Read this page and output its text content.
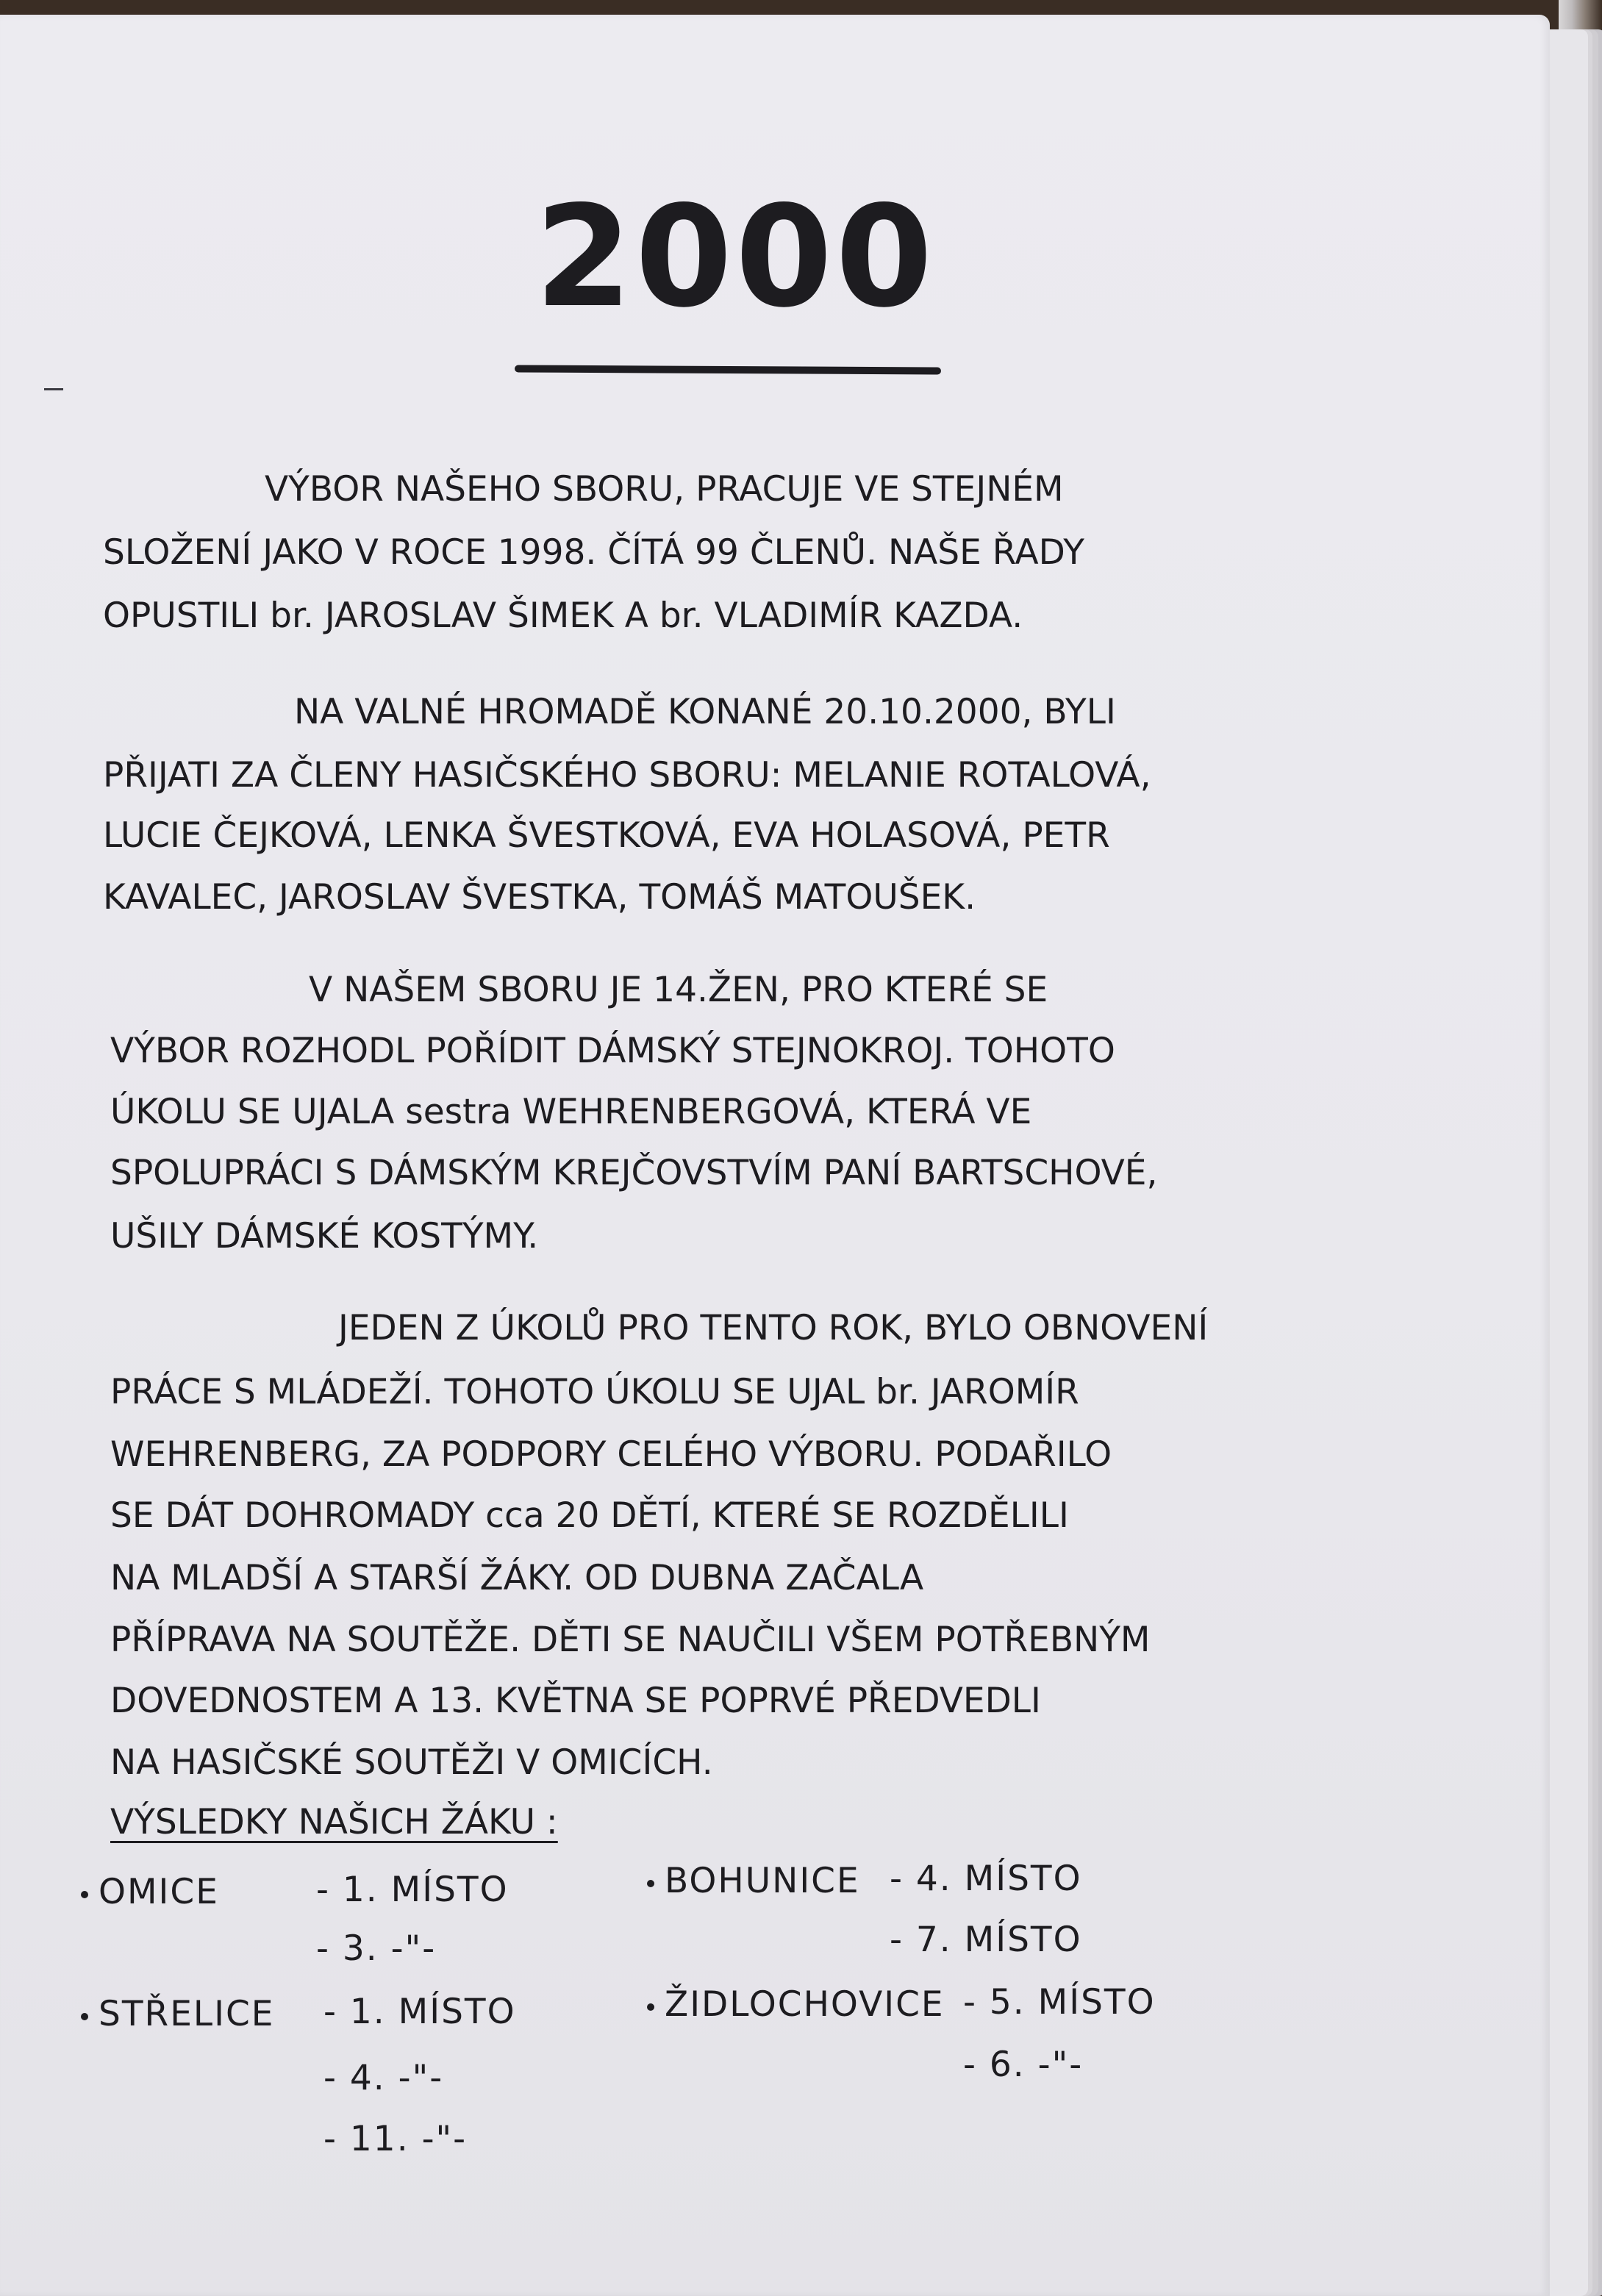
2000
VÝBOR NAŠEHO SBORU, PRACUJE VE STEJNÉM
SLOŽENÍ JAKO V ROCE 1998. ČÍTÁ 99 ČLENŮ. NAŠE ŘADY
OPUSTILI br. JAROSLAV ŠIMEK A br. VLADIMÍR KAZDA.
NA VALNÉ HROMADĚ KONANÉ 20.10.2000, BYLI
PŘIJATI ZA ČLENY HASIČSKÉHO SBORU: MELANIE ROTALOVÁ,
LUCIE ČEJKOVÁ, LENKA ŠVESTKOVÁ, EVA HOLASOVÁ, PETR
KAVALEC, JAROSLAV ŠVESTKA, TOMÁŠ MATOUŠEK.
V NAŠEM SBORU JE 14.ŽEN, PRO KTERÉ SE
VÝBOR ROZHODL POŘÍDIT DÁMSKÝ STEJNOKROJ. TOHOTO
ÚKOLU SE UJALA sestra WEHRENBERGOVÁ, KTERÁ VE
SPOLUPRÁCI S DÁMSKÝM KREJČOVSTVÍM PANÍ BARTSCHOVÉ,
UŠILY DÁMSKÉ KOSTÝMY.
JEDEN Z ÚKOLŮ PRO TENTO ROK, BYLO OBNOVENÍ
PRÁCE S MLÁDEŽÍ. TOHOTO ÚKOLU SE UJAL br. JAROMÍR
WEHRENBERG, ZA PODPORY CELÉHO VÝBORU. PODAŘILO
SE DÁT DOHROMADY cca 20 DĚTÍ, KTERÉ SE ROZDĚLILI
NA MLADŠÍ A STARŠÍ ŽÁKY. OD DUBNA ZAČALA
PŘÍPRAVA NA SOUTĚŽE. DĚTI SE NAUČILI VŠEM POTŘEBNÝM
DOVEDNOSTEM A 13. KVĚTNA SE POPRVÉ PŘEDVEDLI
NA HASIČSKÉ SOUTĚŽI V OMICÍCH.
VÝSLEDKY NAŠICH ŽÁKU :
OMICE	- 1. MÍSTO
- 3. -"-
STŘELICE - 1. MÍSTO
- 4. -"-
- 11. -"-
BOHUNICE - 4. MÍSTO
- 7. MÍSTO
ŽIDLOCHOVICE - 5. MÍSTO
- 6. -"-
